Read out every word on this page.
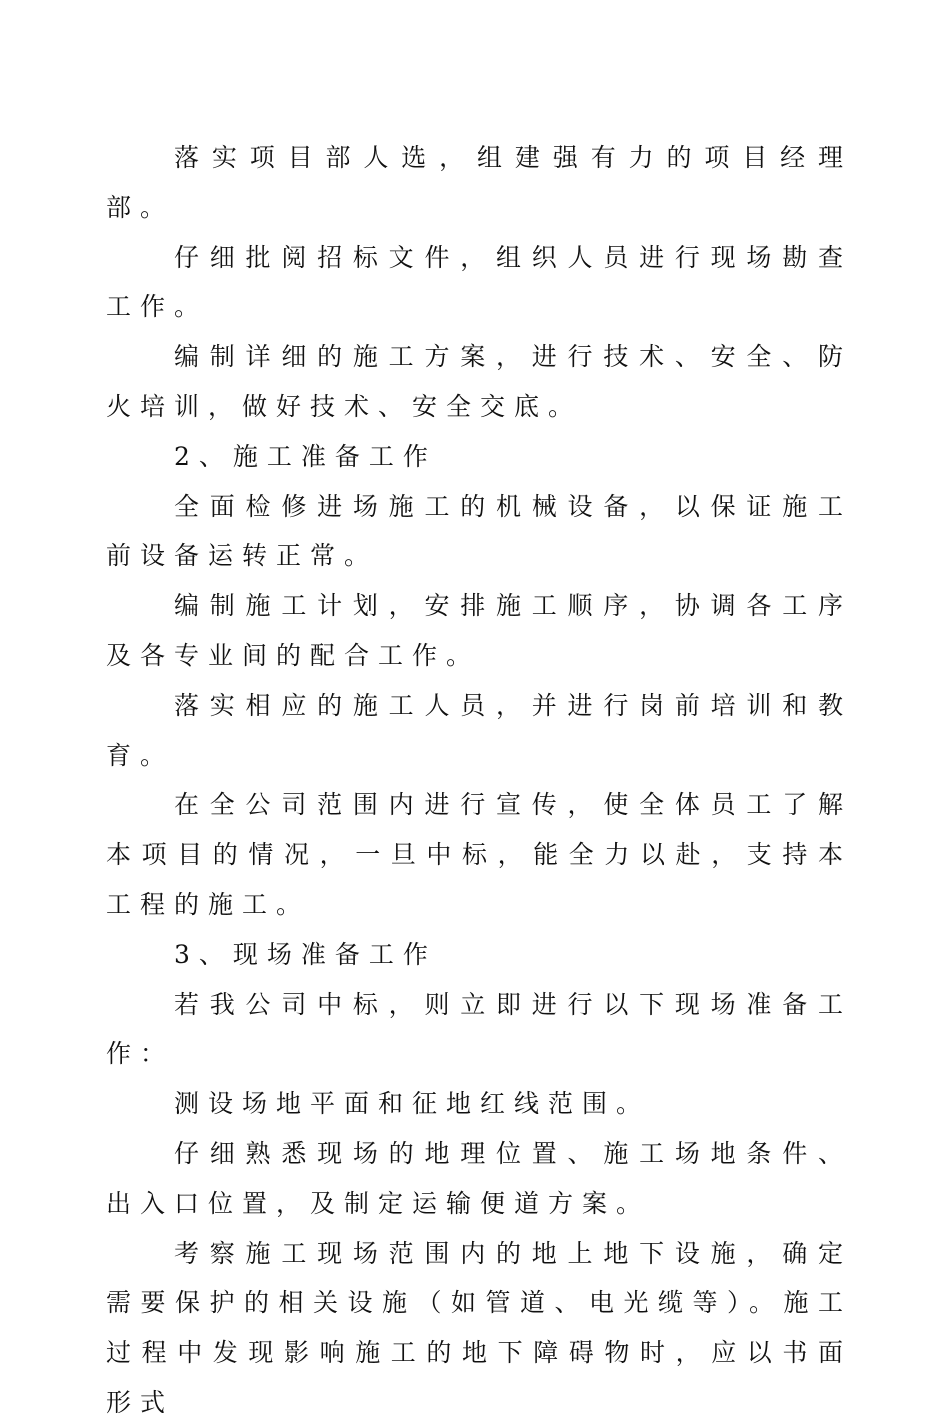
落实项目部人选，组建强有力的项目经理部。

仔细批阅招标文件，组织人员进行现场勘查工作。

编制详细的施工方案，进行技术、安全、防火培训，做好技术、安全交底。

2、施工准备工作

全面检修进场施工的机械设备，以保证施工前设备运转正常。

编制施工计划，安排施工顺序，协调各工序及各专业间的配合工作。

落实相应的施工人员，并进行岗前培训和教育。

在全公司范围内进行宣传，使全体员工了解本项目的情况，一旦中标，能全力以赴，支持本工程的施工。

3、现场准备工作

若我公司中标，则立即进行以下现场准备工作：

测设场地平面和征地红线范围。

仔细熟悉现场的地理位置、施工场地条件、出入口位置，及制定运输便道方案。

考察施工现场范围内的地上地下设施，确定需要保护的相关设施（如管道、电光缆等）。施工过程中发现影响施工的地下障碍物时，应以书面形式
